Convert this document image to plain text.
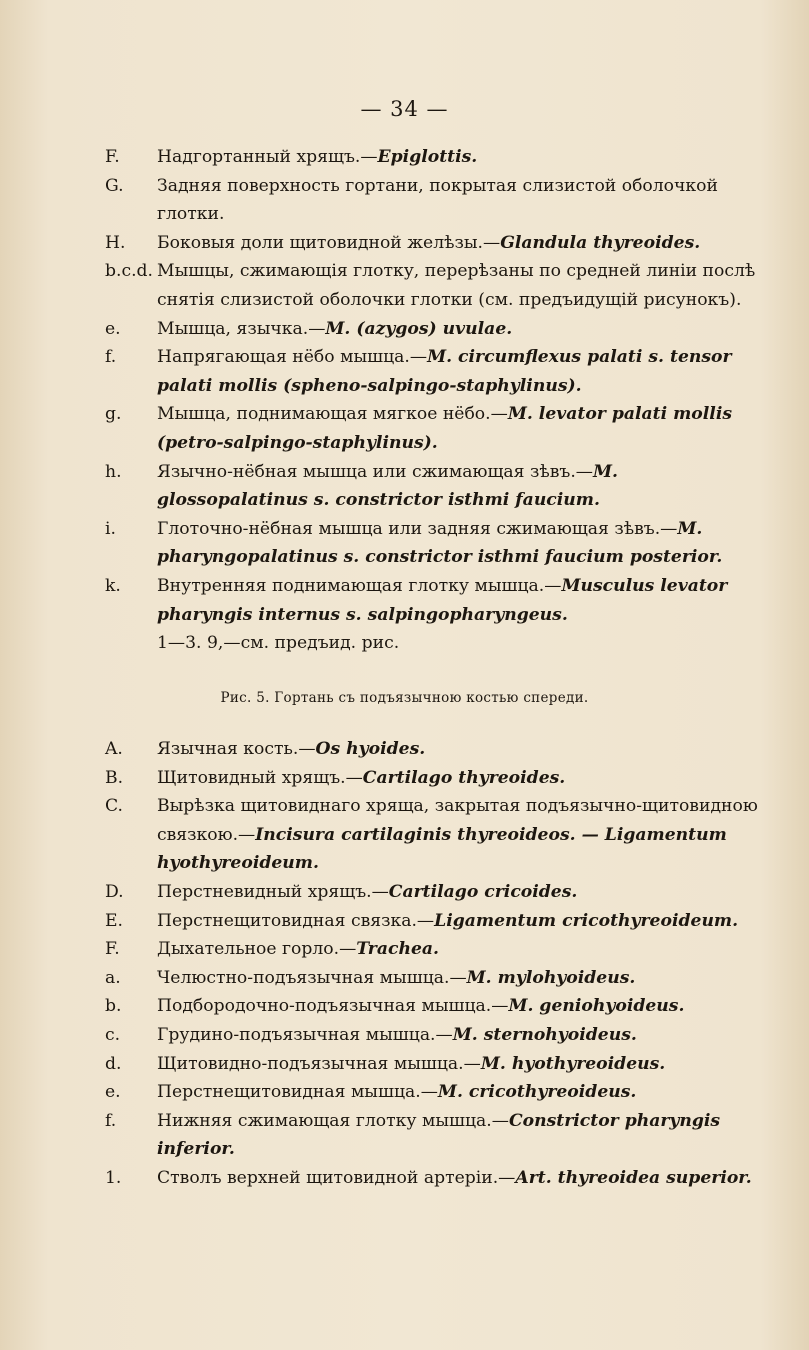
— 34 —
F.	Надгортанный хрящъ.—Epiglottis.
G.	Задняя поверхность гортани, покрытая слизистой оболочкой глотки.
H.	Боковыя доли щитовидной желѣзы.—Glandula thyreoides.
b.c.d. Мышцы, сжимающія глотку, перерѣзаны по средней линіи послѣ снятія слизистой оболочки глотки (см. предъидущій рисунокъ).
e.	Мышца, язычка.—M. (azygos) uvulae.
f.	Напрягающая нёбо мышца.—M. circumflexus palati s. tensor palati mollis (spheno-salpingo-staphylinus).
g.	Мышца, поднимающая мягкое нёбо.—M. levator palati mollis (petro-salpingo-staphylinus).
h.	Язычно-нёбная мышца или сжимающая зѣвъ.—M. glossopalatinus s. constrictor isthmi faucium.
i.	Глоточно-нёбная мышца или задняя сжимающая зѣвъ.—M. pharyngopalatinus s. constrictor isthmi faucium posterior.
k.	Внутренняя поднимающая глотку мышца.—Musculus levator pharyngis internus s. salpingopharyngeus.
1—3. 9,—см. предъид. рис.
Рис. 5. Гортань съ подъязычною костью спереди.
A.	Язычная кость.—Os hyoides.
B.	Щитовидный хрящъ.—Cartilago thyreoides.
C.	Вырѣзка щитовиднаго хряща, закрытая подъязычно-щитовидною связкою.—Incisura cartilaginis thyreoideos. — Ligamentum hyothyreoideum.
D.	Перстневидный хрящъ.—Cartilago cricoides.
E.	Перстнещитовидная связка.—Ligamentum cricothyreoideum.
F.	Дыхательное горло.—Trachea.
a.	Челюстно-подъязычная мышца.—M. mylohyoideus.
b.	Подбородочно-подъязычная мышца.—M. geniohyoideus.
c.	Грудино-подъязычная мышца.—M. sternohyoideus.
d.	Щитовидно-подъязычная мышца.—M. hyothyreoideus.
e.	Перстнещитовидная мышца.—M. cricothyreoideus.
f.	Нижняя сжимающая глотку мышца.—Constrictor pharyngis inferior.
1.	Стволъ верхней щитовидной артеріи.—Art. thyreoidea superior.
